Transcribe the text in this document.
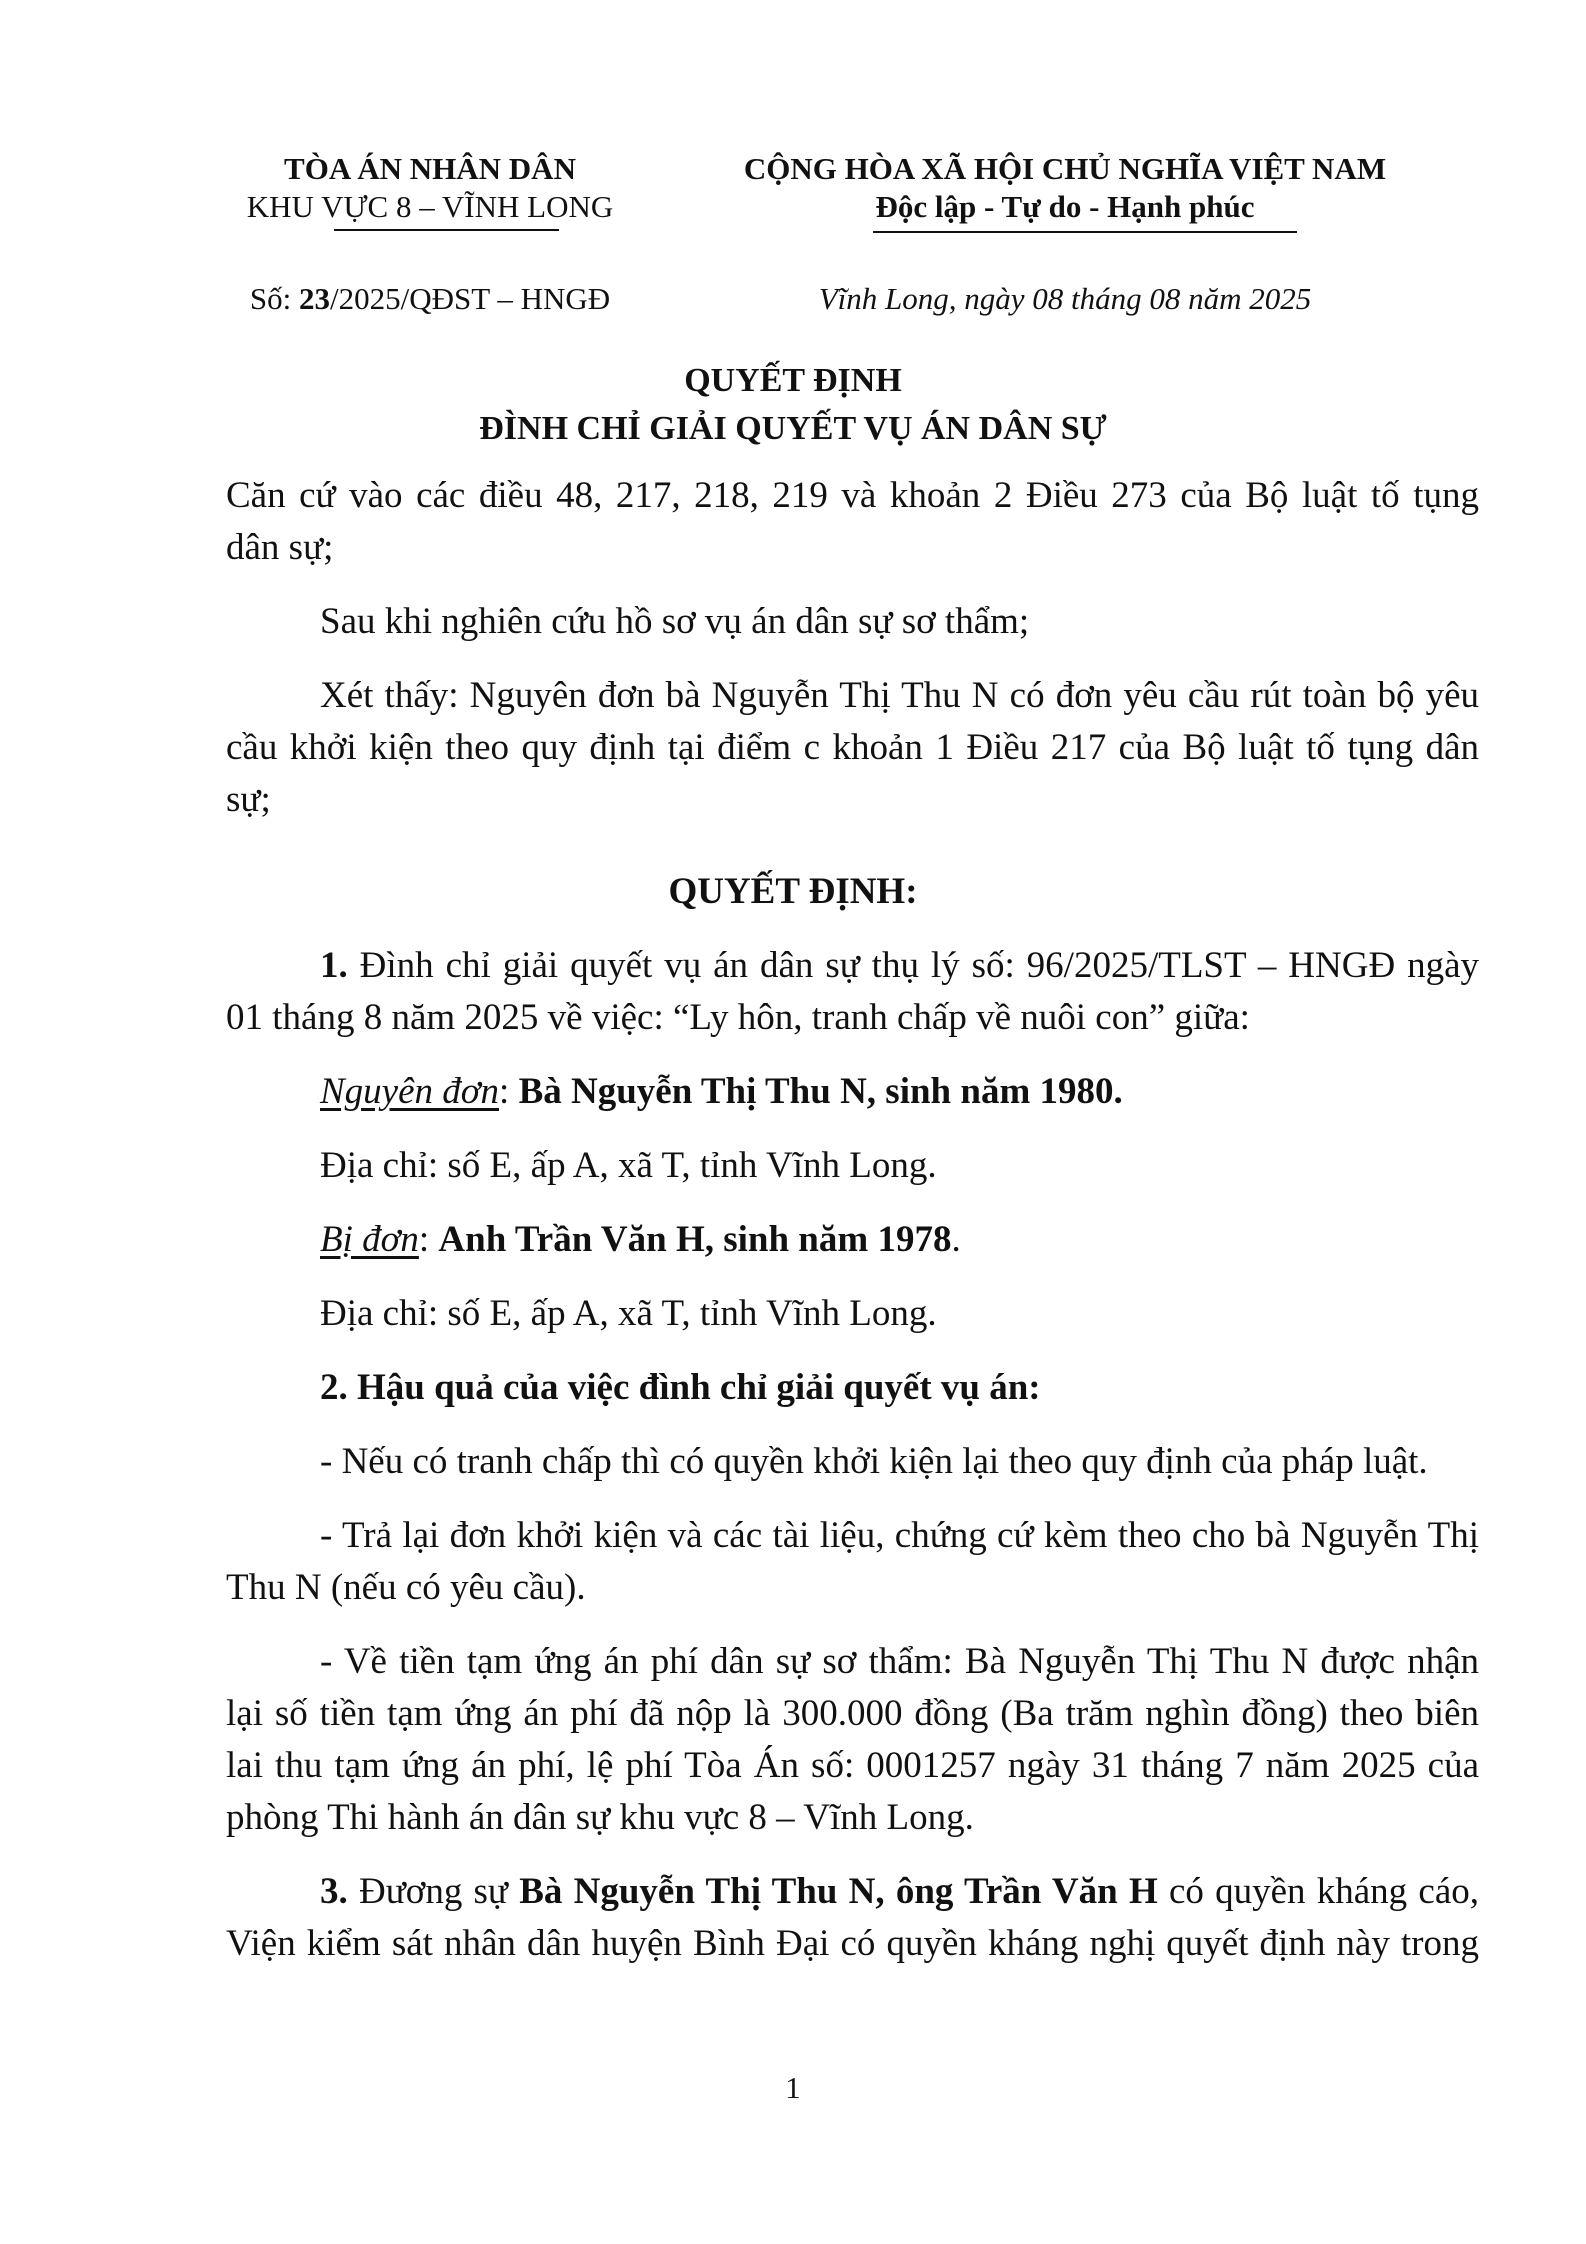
TÒA ÁN NHÂN DÂN
KHU VỰC 8 – VĨNH LONG
CỘNG HÒA XÃ HỘI CHỦ NGHĨA VIỆT NAM
Độc lập - Tự do - Hạnh phúc
Số: 23/2025/QĐST – HNGĐ	Vĩnh Long, ngày 08 tháng 08 năm 2025
QUYẾT ĐỊNH
ĐÌNH CHỈ GIẢI QUYẾT VỤ ÁN DÂN SỰ
Căn cứ vào các điều 48, 217, 218, 219 và khoản 2 Điều 273 của Bộ luật tố tụng
dân sự;
Sau khi nghiên cứu hồ sơ vụ án dân sự sơ thẩm;
Xét thấy: Nguyên đơn bà Nguyễn Thị Thu N có đơn yêu cầu rút toàn bộ yêu
cầu khởi kiện theo quy định tại điểm c khoản 1 Điều 217 của Bộ luật tố tụng dân
sự;
QUYẾT ĐỊNH:
1. Đình chỉ giải quyết vụ án dân sự thụ lý số: 96/2025/TLST – HNGĐ ngày
01 tháng 8 năm 2025 về việc: “Ly hôn, tranh chấp về nuôi con” giữa:
Nguyên đơn: Bà Nguyễn Thị Thu N, sinh năm 1980.
Địa chỉ: số E, ấp A, xã T, tỉnh Vĩnh Long.
Bị đơn: Anh Trần Văn H, sinh năm 1978.
Địa chỉ: số E, ấp A, xã T, tỉnh Vĩnh Long.
2. Hậu quả của việc đình chỉ giải quyết vụ án:
- Nếu có tranh chấp thì có quyền khởi kiện lại theo quy định của pháp luật.
- Trả lại đơn khởi kiện và các tài liệu, chứng cứ kèm theo cho bà Nguyễn Thị
Thu N (nếu có yêu cầu).
- Về tiền tạm ứng án phí dân sự sơ thẩm: Bà Nguyễn Thị Thu N được nhận
lại số tiền tạm ứng án phí đã nộp là 300.000 đồng (Ba trăm nghìn đồng) theo biên
lai thu tạm ứng án phí, lệ phí Tòa Án số: 0001257 ngày 31 tháng 7 năm 2025 của
phòng Thi hành án dân sự khu vực 8 – Vĩnh Long.
3. Đương sự Bà Nguyễn Thị Thu N, ông Trần Văn H có quyền kháng cáo,
Viện kiểm sát nhân dân huyện Bình Đại có quyền kháng nghị quyết định này trong
1
